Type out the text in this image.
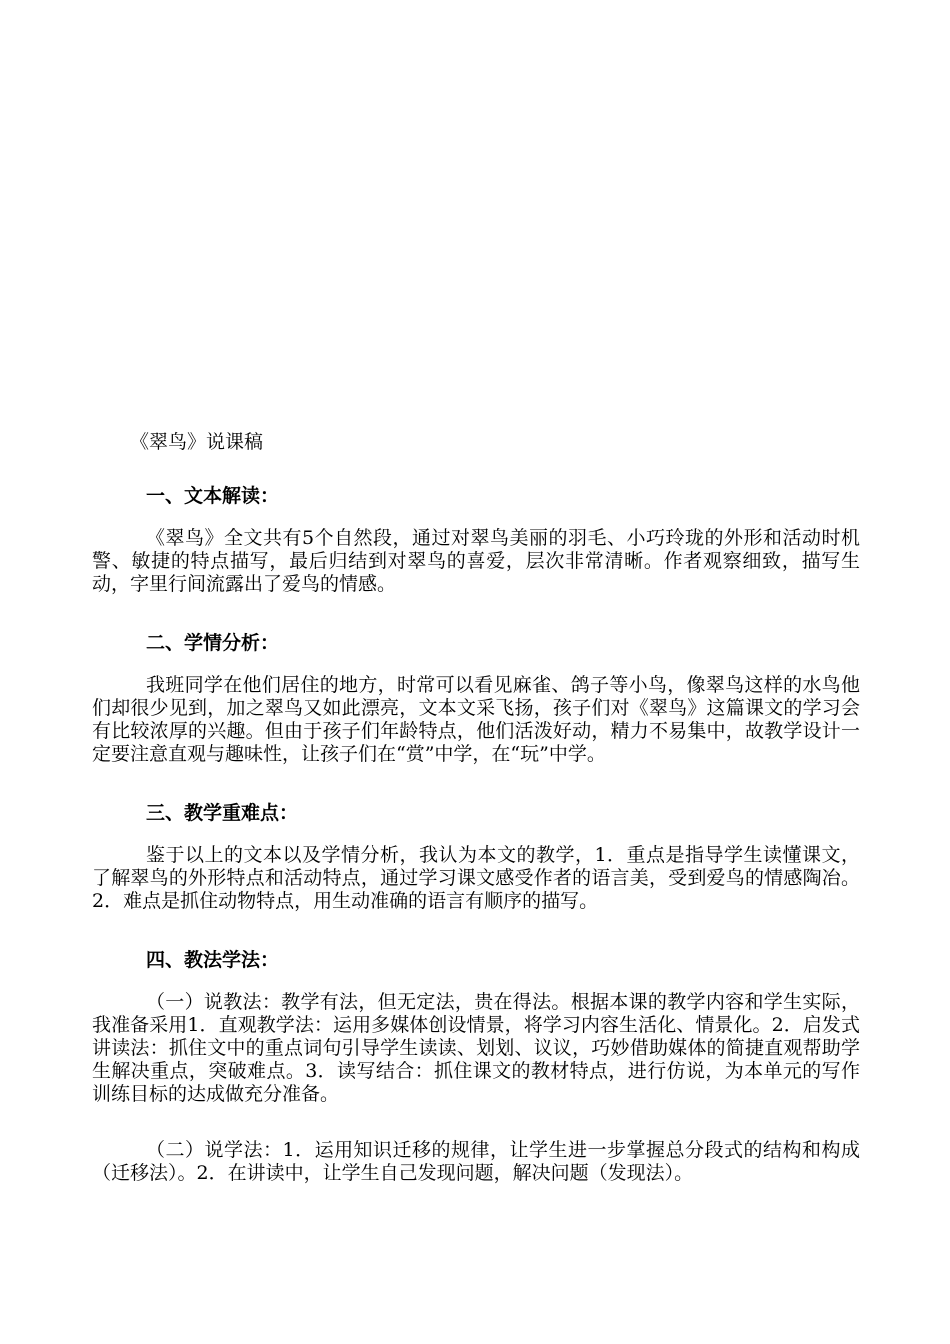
《翠鸟》说课稿
一、文本解读：

《翠鸟》全文共有5个自然段，通过对翠鸟美丽的羽毛、小巧玲珑的外形和活动时机警、敏捷的特点描写，最后归结到对翠鸟的喜爱，层次非常清晰。作者观察细致，描写生动，字里行间流露出了爱鸟的情感。

二、学情分析：

我班同学在他们居住的地方，时常可以看见麻雀、鸽子等小鸟，像翠鸟这样的水鸟他们却很少见到，加之翠鸟又如此漂亮，文本文采飞扬，孩子们对《翠鸟》这篇课文的学习会有比较浓厚的兴趣。但由于孩子们年龄特点，他们活泼好动，精力不易集中，故教学设计一定要注意直观与趣味性，让孩子们在“赏”中学，在“玩”中学。

三、教学重难点：

鉴于以上的文本以及学情分析，我认为本文的教学，1．重点是指导学生读懂课文，了解翠鸟的外形特点和活动特点，通过学习课文感受作者的语言美，受到爱鸟的情感陶冶。2．难点是抓住动物特点，用生动准确的语言有顺序的描写。

四、教法学法：

（一）说教法：教学有法，但无定法，贵在得法。根据本课的教学内容和学生实际，我准备采用1．直观教学法：运用多媒体创设情景，将学习内容生活化、情景化。2．启发式讲读法：抓住文中的重点词句引导学生读读、划划、议议，巧妙借助媒体的简捷直观帮助学生解决重点，突破难点。3．读写结合：抓住课文的教材特点，进行仿说，为本单元的写作训练目标的达成做充分准备。

（二）说学法：1．运用知识迁移的规律，让学生进一步掌握总分段式的结构和构成（迁移法）。2．在讲读中，让学生自己发现问题，解决问题（发现法）。
